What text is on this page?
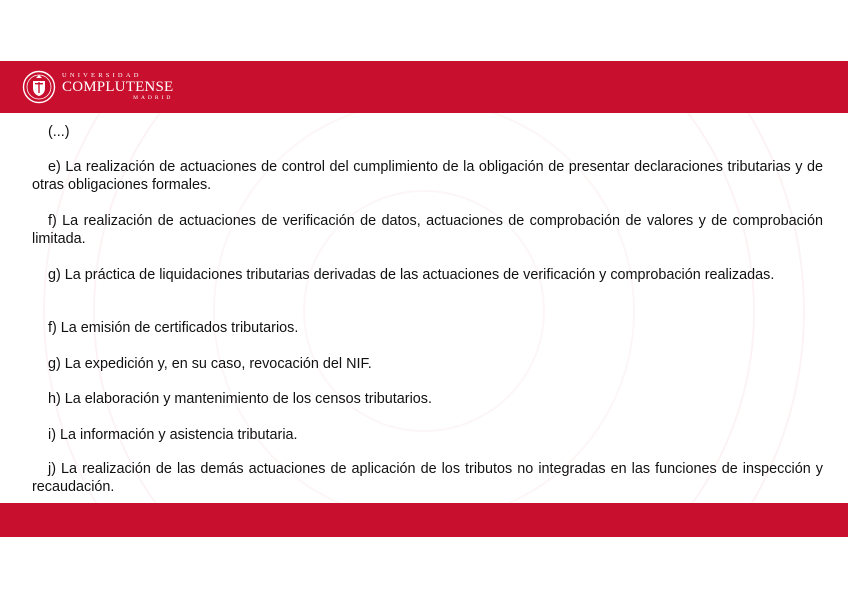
UNIVERSIDAD
COMPLUTENSE
MADRID

(...)

e) La realización de actuaciones de control del cumplimiento de la obligación de presentar declaraciones tributarias y de otras obligaciones formales.

f) La realización de actuaciones de verificación de datos, actuaciones de comprobación de valores y de comprobación limitada.

g) La práctica de liquidaciones tributarias derivadas de las actuaciones de verificación y comprobación realizadas.

f) La emisión de certificados tributarios.

g) La expedición y, en su caso, revocación del NIF.

h) La elaboración y mantenimiento de los censos tributarios.

i) La información y asistencia tributaria.

j) La realización de las demás actuaciones de aplicación de los tributos no integradas en las funciones de inspección y recaudación.
